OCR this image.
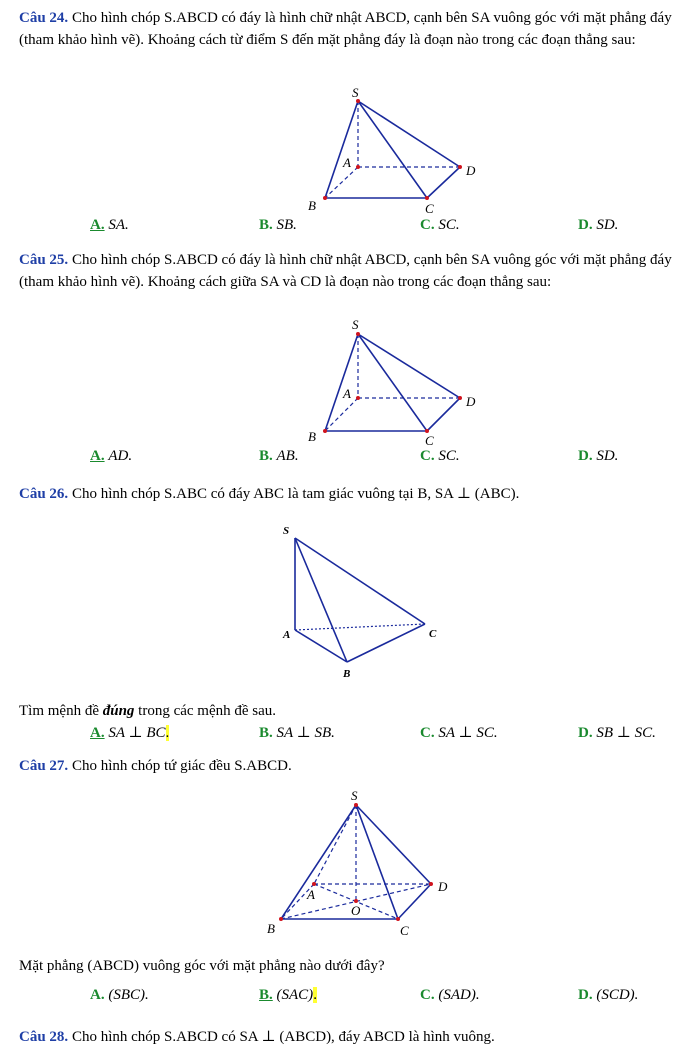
Câu 24. Cho hình chóp S.ABCD có đáy là hình chữ nhật ABCD, cạnh bên SA vuông góc với mặt phẳng đáy (tham khảo hình vẽ). Khoảng cách từ điểm S đến mặt phẳng đáy là đoạn nào trong các đoạn thẳng sau:
S
A
B	C
D
A. SA.	B. SB.	C. SC.	D. SD.
Câu 25. Cho hình chóp S.ABCD có đáy là hình chữ nhật ABCD, cạnh bên SA vuông góc với mặt phẳng đáy (tham khảo hình vẽ). Khoảng cách giữa SA và CD là đoạn nào trong các đoạn thẳng sau:
S
A
B	C
D
A. AD.	B. AB.	C. SC.	D. SD.
Câu 26. Cho hình chóp S.ABC có đáy ABC là tam giác vuông tại B, SA ⊥ (ABC).
S
A
B
C
Tìm mệnh đề đúng trong các mệnh đề sau.
A. SA ⊥ BC.	B. SA ⊥ SB.	C. SA ⊥ SC.	D. SB ⊥ SC.
Câu 27. Cho hình chóp tứ giác đều S.ABCD.
S
A
B	C
D
O
Mặt phẳng (ABCD) vuông góc với mặt phẳng nào dưới đây?
A. (SBC).	B. (SAC).	C. (SAD).	D. (SCD).
Câu 28. Cho hình chóp S.ABCD có SA ⊥ (ABCD), đáy ABCD là hình vuông.
